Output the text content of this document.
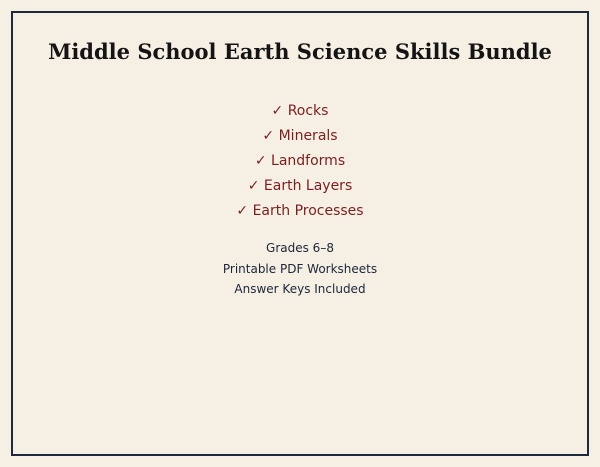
Middle School Earth Science Skills Bundle
✓ Rocks
✓ Minerals
✓ Landforms
✓ Earth Layers
✓ Earth Processes
Grades 6–8
Printable PDF Worksheets
Answer Keys Included
